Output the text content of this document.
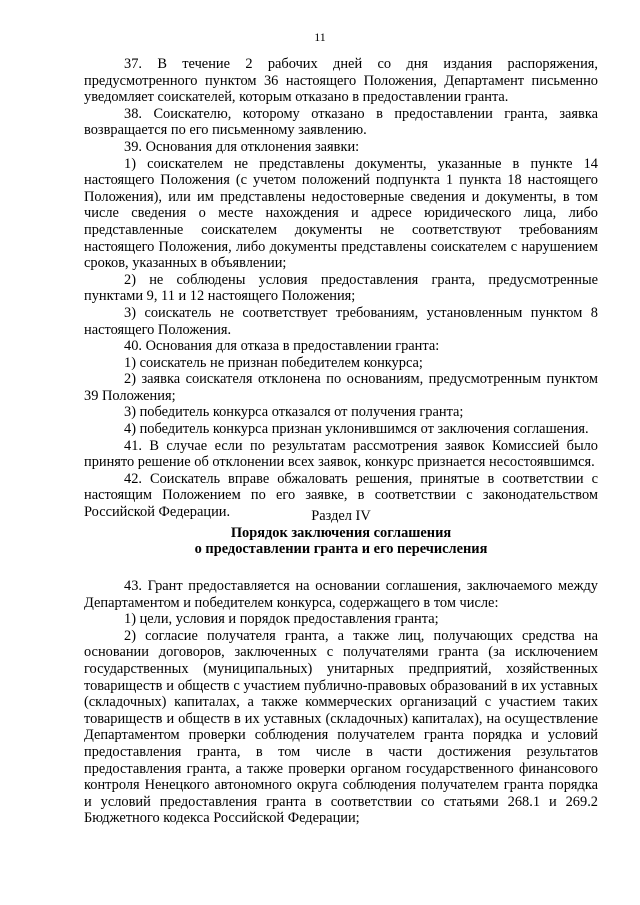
11

37. В течение 2 рабочих дней со дня издания распоряжения, предусмотренного пунктом 36 настоящего Положения, Департамент письменно уведомляет соискателей, которым отказано в предоставлении гранта.

38. Соискателю, которому отказано в предоставлении гранта, заявка возвращается по его письменному заявлению.

39. Основания для отклонения заявки:

1) соискателем не представлены документы, указанные в пункте 14 настоящего Положения (с учетом положений подпункта 1 пункта 18 настоящего Положения), или им представлены недостоверные сведения и документы, в том числе сведения о месте нахождения и адресе юридического лица, либо представленные соискателем документы не соответствуют требованиям настоящего Положения, либо документы представлены соискателем с нарушением сроков, указанных в объявлении;

2) не соблюдены условия предоставления гранта, предусмотренные пунктами 9, 11 и 12 настоящего Положения;

3) соискатель не соответствует требованиям, установленным пунктом 8 настоящего Положения.

40. Основания для отказа в предоставлении гранта:

1) соискатель не признан победителем конкурса;

2) заявка соискателя отклонена по основаниям, предусмотренным пунктом 39 Положения;

3) победитель конкурса отказался от получения гранта;

4) победитель конкурса признан уклонившимся от заключения соглашения.

41. В случае если по результатам рассмотрения заявок Комиссией было принято решение об отклонении всех заявок, конкурс признается несостоявшимся.

42. Соискатель вправе обжаловать решения, принятые в соответствии с настоящим Положением по его заявке, в соответствии с законодательством Российской Федерации.	Раздел IV
Порядок заключения соглашения
о предоставлении гранта и его перечисления

43. Грант предоставляется на основании соглашения, заключаемого между Департаментом и победителем конкурса, содержащего в том числе:

1) цели, условия и порядок предоставления гранта;

2) согласие получателя гранта, а также лиц, получающих средства на основании договоров, заключенных с получателями гранта (за исключением государственных (муниципальных) унитарных предприятий, хозяйственных товариществ и обществ с участием публично-правовых образований в их уставных (складочных) капиталах, а также коммерческих организаций с участием таких товариществ и обществ в их уставных (складочных) капиталах), на осуществление Департаментом проверки соблюдения получателем гранта порядка и условий предоставления гранта, в том числе в части достижения результатов предоставления гранта, а также проверки органом государственного финансового контроля Ненецкого автономного округа соблюдения получателем гранта порядка и условий предоставления гранта в соответствии со статьями 268.1 и 269.2 Бюджетного кодекса Российской Федерации;
